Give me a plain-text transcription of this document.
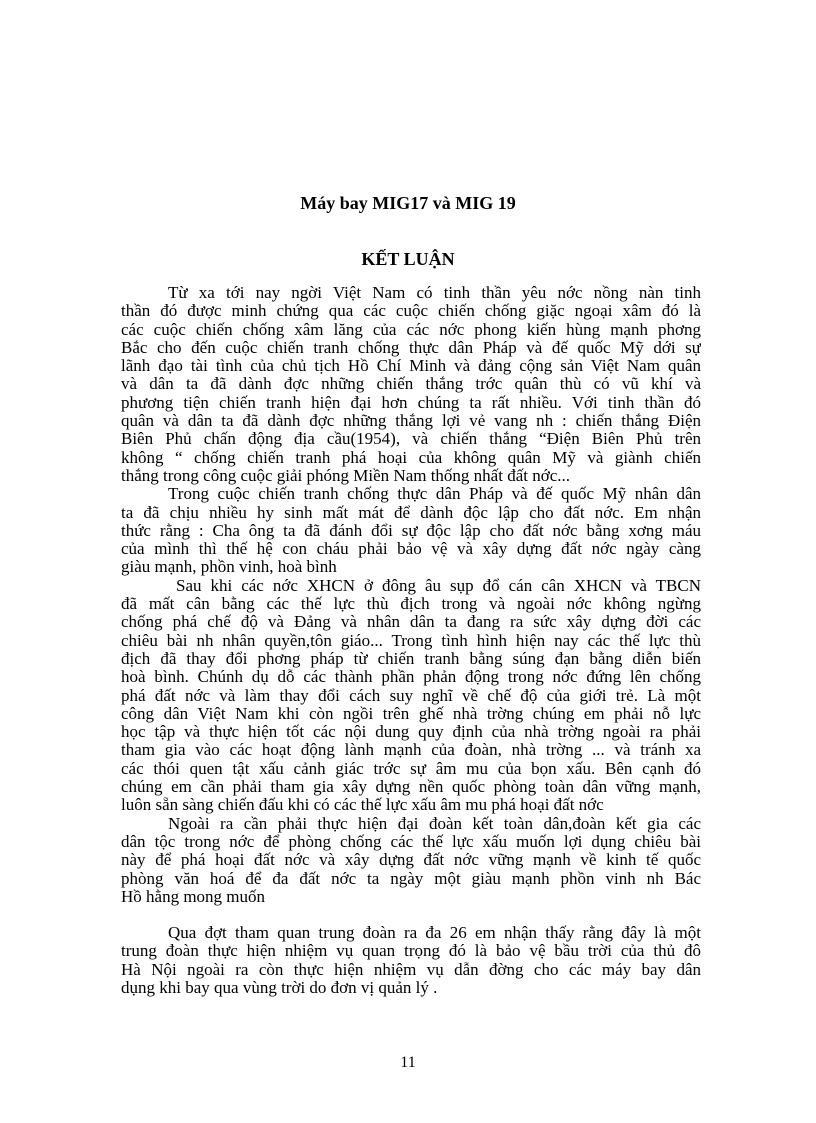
Máy bay MIG17 và MIG 19
KẾT LUẬN

Từ xa tới nay ngời Việt Nam có tinh thần yêu nớc nồng nàn tinh
thần đó được minh chứng qua các cuộc chiến chống giặc ngoại xâm đó là
các cuộc chiến chống xâm lăng của các nớc phong kiến hùng mạnh phơng
Bắc cho đến cuộc chiến tranh chống thực dân Pháp và đế quốc Mỹ dới sự
lãnh đạo tài tình của chủ tịch Hồ Chí Minh và đảng cộng sản Việt Nam quân
và dân ta đã dành đợc những chiến thắng trớc quân thù có vũ khí và
phương tiện chiến tranh hiện đại hơn chúng ta rất nhiều. Với tinh thần đó
quân và dân ta đã dành đợc những thắng lợi vẻ vang nh : chiến thắng Điện
Biên Phủ chấn động địa cầu(1954), và chiến thắng “Điện Biên Phủ trên
không “ chống chiến tranh phá hoại của không quân Mỹ và giành chiến
thắng trong công cuộc giải phóng Miền Nam thống nhất đất nớc...

Trong cuộc chiến tranh chống thực dân Pháp và đế quốc Mỹ nhân dân
ta đã chịu nhiều hy sinh mất mát để dành độc lập cho đất nớc. Em nhận
thức rằng : Cha ông ta đã đánh đổi sự độc lập cho đất nớc bằng xơng máu
của mình thì thế hệ con cháu phải bảo vệ và xây dựng đất nớc ngày càng
giàu mạnh, phồn vinh, hoà bình

Sau khi các nớc XHCN ở đông âu sụp đổ cán cân XHCN và TBCN
đã mất cân bằng các thế lực thù địch trong và ngoài nớc không ngừng
chống phá chế độ và Đảng và nhân dân ta đang ra sức xây dựng đời các
chiêu bài nh nhân quyền,tôn giáo... Trong tình hình hiện nay các thế lực thù
địch đã thay đổi phơng pháp từ chiến tranh bằng súng đạn bằng diễn biến
hoà bình. Chúnh dụ dỗ các thành phần phản động trong nớc đứng lên chống
phá đất nớc và làm thay đổi cách suy nghĩ về chế độ của giới trẻ. Là một
công dân Việt Nam khi còn ngồi trên ghế nhà trờng chúng em phải nỗ lực
học tập và thực hiện tốt các nội dung quy định của nhà trờng ngoài ra phải
tham gia vào các hoạt động lành mạnh của đoàn, nhà trờng ... và tránh xa
các thói quen tật xấu cảnh giác trớc sự âm mu của bọn xấu. Bên cạnh đó
chúng em cần phải tham gia xây dựng nền quốc phòng toàn dân vững mạnh,
luôn sẵn sàng chiến đấu khi có các thế lực xấu âm mu phá hoại đất nớc

Ngoài ra cần phải thực hiện đại đoàn kết toàn dân,đoàn kết gia các
dân tộc trong nớc để phòng chống các thế lực xấu muốn lợi dụng chiêu bài
này để phá hoại đất nớc và xây dựng đất nớc vững mạnh về kinh tế quốc
phòng văn hoá để đa đất nớc ta ngày một giàu mạnh phồn vinh nh Bác
Hồ hằng mong muốn

Qua đợt tham quan trung đoàn ra đa 26 em nhận thấy rằng đây là một
trung đoàn thực hiện nhiệm vụ quan trọng đó là bảo vệ bầu trời của thủ đô
Hà Nội ngoài ra còn thực hiện nhiệm vụ dẫn đờng cho các máy bay dân
dụng khi bay qua vùng trời do đơn vị quản lý .

11
